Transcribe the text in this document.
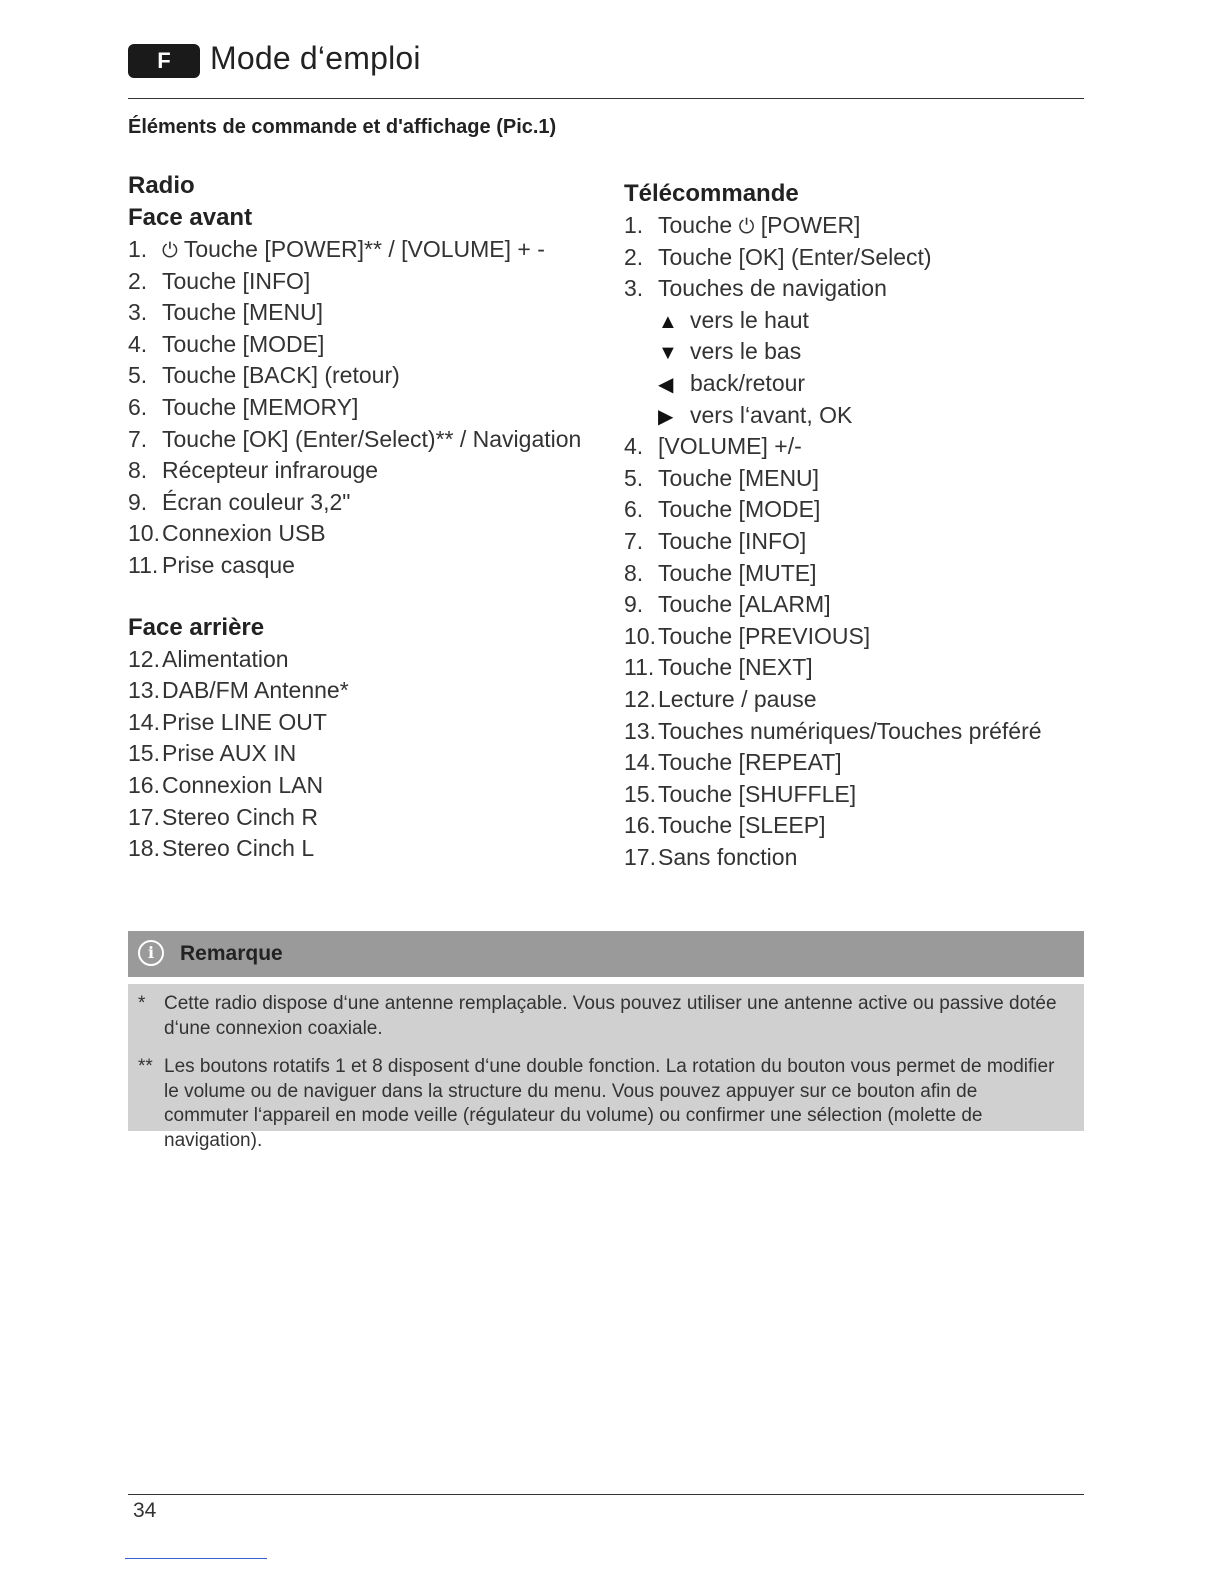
F	Mode d‘emploi
Éléments de commande et d'affichage (Pic.1)
Radio
Face avant
1. ⏻ Touche [POWER]** / [VOLUME] + -
2. Touche [INFO]
3. Touche [MENU]
4. Touche [MODE]
5. Touche [BACK] (retour)
6. Touche [MEMORY]
7. Touche [OK] (Enter/Select)** / Navigation
8. Récepteur infrarouge
9. Écran couleur 3,2"
10.Connexion USB
11. Prise casque
Face arrière
12.Alimentation
13.DAB/FM Antenne*
14.Prise LINE OUT
15.Prise AUX IN
16.Connexion LAN
17.Stereo Cinch R
18.Stereo Cinch L
Télécommande
1. Touche ⏻ [POWER]
2. Touche [OK] (Enter/Select)
3. Touches de navigation
▲ vers le haut
▼ vers le bas
◀ back/retour
▶ vers l‘avant, OK
4. [VOLUME] +/-
5. Touche [MENU]
6. Touche [MODE]
7. Touche [INFO]
8. Touche [MUTE]
9. Touche [ALARM]
10.Touche [PREVIOUS]
11. Touche [NEXT]
12.Lecture / pause
13.Touches numériques/Touches préféré
14.Touche [REPEAT]
15.Touche [SHUFFLE]
16.Touche [SLEEP]
17.Sans fonction
i	Remarque
* Cette radio dispose d‘une antenne remplaçable. Vous pouvez utiliser une antenne active ou passive dotée d‘une connexion coaxiale.
** Les boutons rotatifs 1 et 8 disposent d‘une double fonction. La rotation du bouton vous permet de modifier le volume ou de naviguer dans la structure du menu. Vous pouvez appuyer sur ce bouton afin de commuter l‘appareil en mode veille (régulateur du volume) ou confirmer une sélection (molette de navigation).
34
